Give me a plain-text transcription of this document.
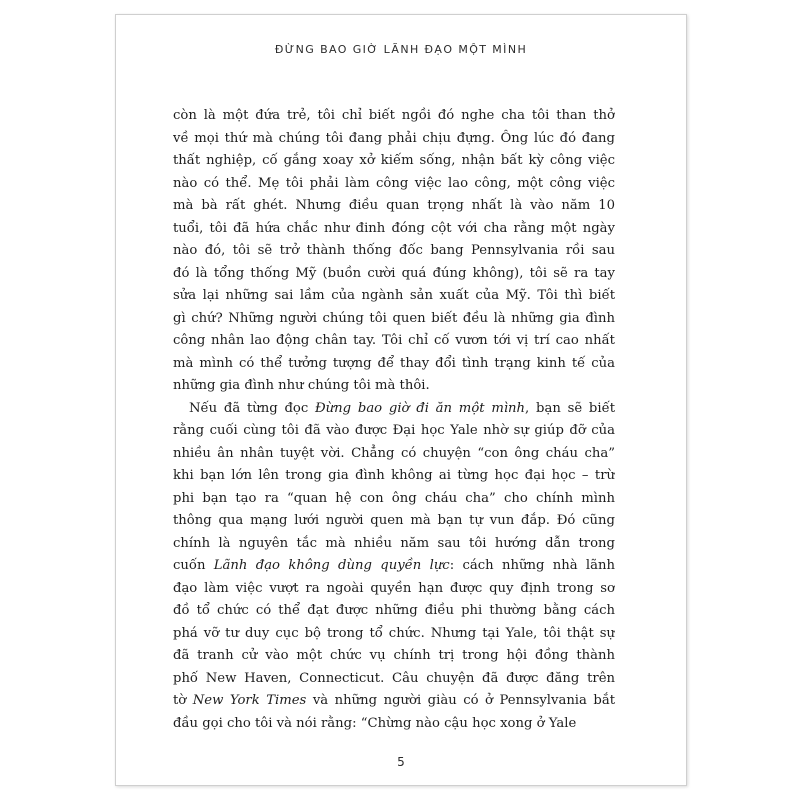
ĐỪNG BAO GIỜ LÃNH ĐẠO MỘT MÌNH
còn là một đứa trẻ, tôi chỉ biết ngồi đó nghe cha tôi than thở
về mọi thứ mà chúng tôi đang phải chịu đựng. Ông lúc đó đang
thất nghiệp, cố gắng xoay xở kiếm sống, nhận bất kỳ công việc
nào có thể. Mẹ tôi phải làm công việc lao công, một công việc
mà bà rất ghét. Nhưng điều quan trọng nhất là vào năm 10
tuổi, tôi đã hứa chắc như đinh đóng cột với cha rằng một ngày
nào đó, tôi sẽ trở thành thống đốc bang Pennsylvania rồi sau
đó là tổng thống Mỹ (buồn cười quá đúng không), tôi sẽ ra tay
sửa lại những sai lầm của ngành sản xuất của Mỹ. Tôi thì biết
gì chứ? Những người chúng tôi quen biết đều là những gia đình
công nhân lao động chân tay. Tôi chỉ cố vươn tới vị trí cao nhất
mà mình có thể tưởng tượng để thay đổi tình trạng kinh tế của
những gia đình như chúng tôi mà thôi.
Nếu đã từng đọc Đừng bao giờ đi ăn một mình, bạn sẽ biết
rằng cuối cùng tôi đã vào được Đại học Yale nhờ sự giúp đỡ của
nhiều ân nhân tuyệt vời. Chẳng có chuyện “con ông cháu cha”
khi bạn lớn lên trong gia đình không ai từng học đại học – trừ
phi bạn tạo ra “quan hệ con ông cháu cha” cho chính mình
thông qua mạng lưới người quen mà bạn tự vun đắp. Đó cũng
chính là nguyên tắc mà nhiều năm sau tôi hướng dẫn trong
cuốn Lãnh đạo không dùng quyền lực: cách những nhà lãnh
đạo làm việc vượt ra ngoài quyền hạn được quy định trong sơ
đồ tổ chức có thể đạt được những điều phi thường bằng cách
phá vỡ tư duy cục bộ trong tổ chức. Nhưng tại Yale, tôi thật sự
đã tranh cử vào một chức vụ chính trị trong hội đồng thành
phố New Haven, Connecticut. Câu chuyện đã được đăng trên
tờ New York Times và những người giàu có ở Pennsylvania bắt
đầu gọi cho tôi và nói rằng: “Chừng nào cậu học xong ở Yale
5
